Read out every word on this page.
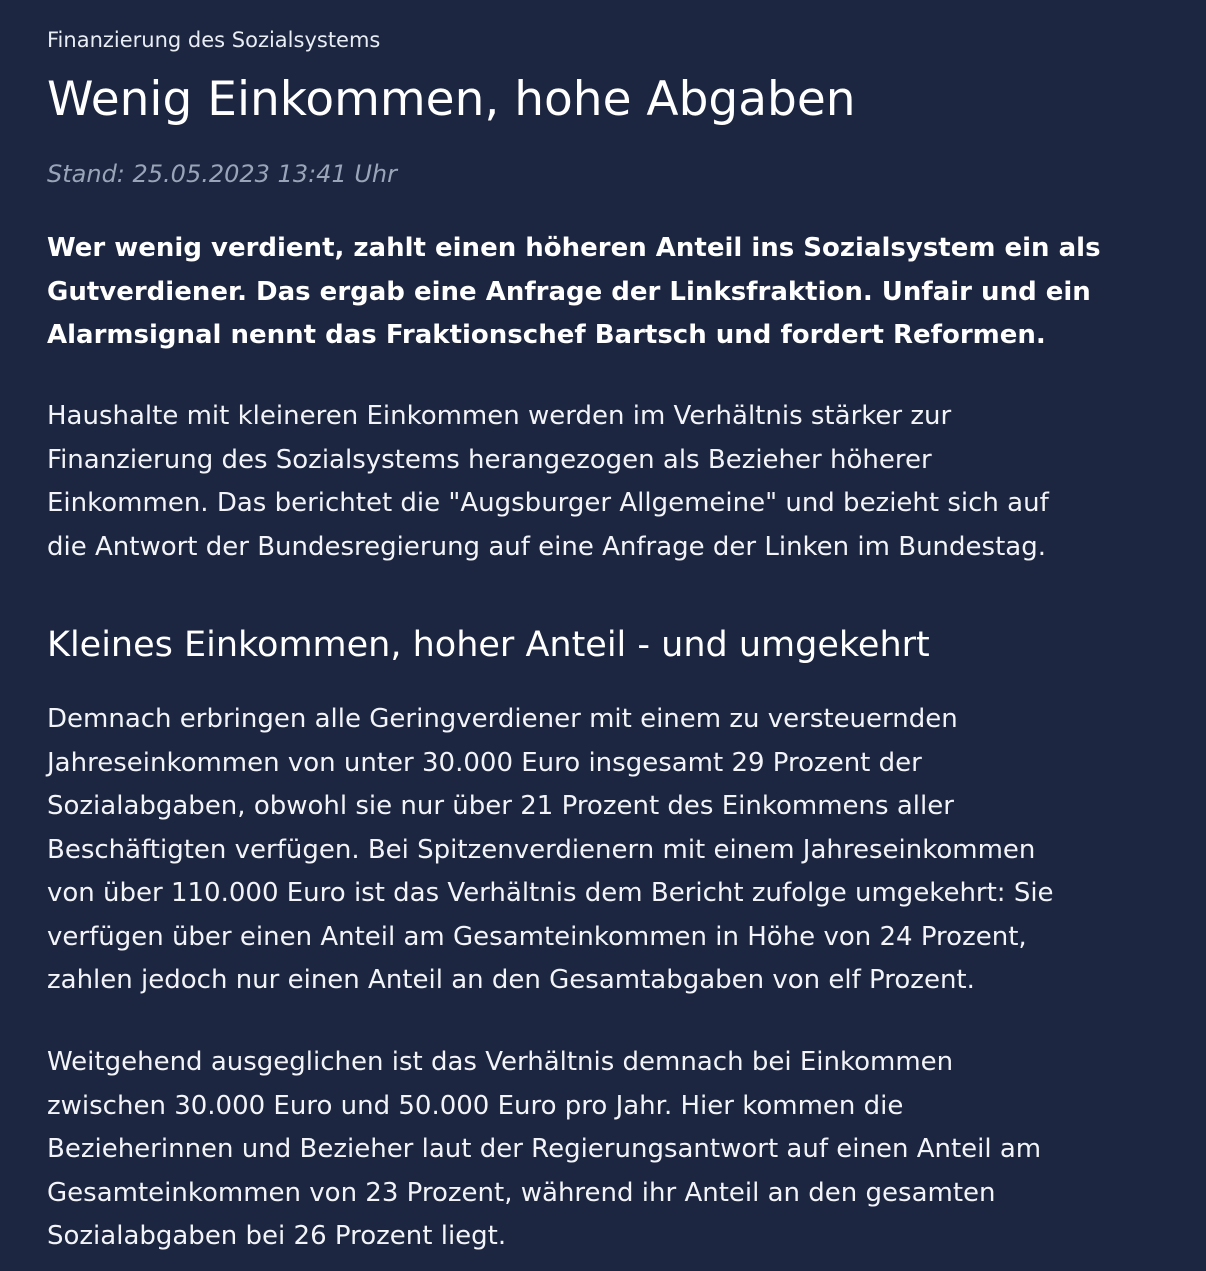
Finanzierung des Sozialsystems
Wenig Einkommen, hohe Abgaben
Stand: 25.05.2023 13:41 Uhr

Wer wenig verdient, zahlt einen höheren Anteil ins Sozialsystem ein als
Gutverdiener. Das ergab eine Anfrage der Linksfraktion. Unfair und ein
Alarmsignal nennt das Fraktionschef Bartsch und fordert Reformen.

Haushalte mit kleineren Einkommen werden im Verhältnis stärker zur
Finanzierung des Sozialsystems herangezogen als Bezieher höherer
Einkommen. Das berichtet die "Augsburger Allgemeine" und bezieht sich auf
die Antwort der Bundesregierung auf eine Anfrage der Linken im Bundestag.

Kleines Einkommen, hoher Anteil - und umgekehrt

Demnach erbringen alle Geringverdiener mit einem zu versteuernden
Jahreseinkommen von unter 30.000 Euro insgesamt 29 Prozent der
Sozialabgaben, obwohl sie nur über 21 Prozent des Einkommens aller
Beschäftigten verfügen. Bei Spitzenverdienern mit einem Jahreseinkommen
von über 110.000 Euro ist das Verhältnis dem Bericht zufolge umgekehrt: Sie
verfügen über einen Anteil am Gesamteinkommen in Höhe von 24 Prozent,
zahlen jedoch nur einen Anteil an den Gesamtabgaben von elf Prozent.

Weitgehend ausgeglichen ist das Verhältnis demnach bei Einkommen
zwischen 30.000 Euro und 50.000 Euro pro Jahr. Hier kommen die
Bezieherinnen und Bezieher laut der Regierungsantwort auf einen Anteil am
Gesamteinkommen von 23 Prozent, während ihr Anteil an den gesamten
Sozialabgaben bei 26 Prozent liegt.
